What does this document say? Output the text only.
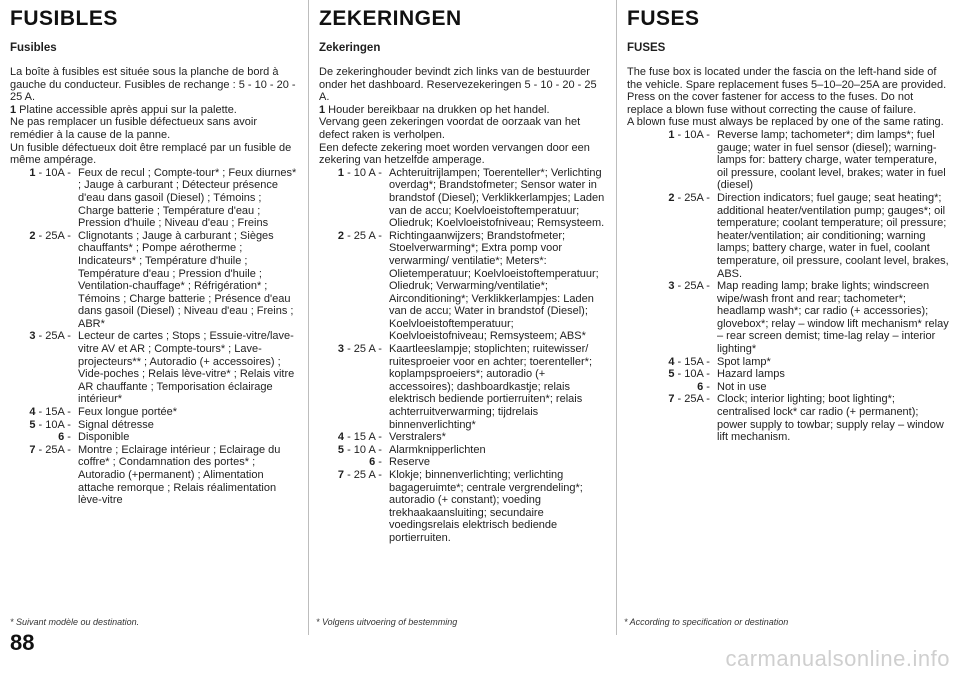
FUSIBLES
Fusibles

La boîte à fusibles est située sous la planche de bord à gauche du conducteur. Fusibles de rechange : 5 - 10 - 20 - 25 A.

1 Platine accessible après appui sur la palette.

Ne pas remplacer un fusible défectueux sans avoir remédier à la cause de la panne.

Un fusible défectueux doit être remplacé par un fusible de même ampérage.

1 - 10A - Feux de recul ; Compte-tour* ; Feux diurnes* ; Jauge à carburant ; Détecteur présence d'eau dans gasoil (Diesel) ; Témoins ; Charge batterie ; Température d'eau ; Pression d'huile ; Niveau d'eau ; Freins
2 - 25A - Clignotants ; Jauge à carburant ; Sièges chauffants* ; Pompe aérotherme ; Indicateurs* ; Température d'huile ; Température d'eau ; Pression d'huile ; Ventilation-chauffage* ; Réfrigération* ; Témoins ; Charge batterie ; Présence d'eau dans gasoil (Diesel) ; Niveau d'eau ; Freins ; ABR*
3 - 25A - Lecteur de cartes ; Stops ; Essuie-vitre/lave-vitre AV et AR ; Compte-tours* ; Lave-projecteurs** ; Autoradio (+ accessoires) ; Vide-poches ; Relais lève-vitre* ; Relais vitre AR chauffante ; Temporisation éclairage intérieur*
4 - 15A - Feux longue portée*
5 - 10A - Signal détresse
6 - Disponible
7 - 25A - Montre ; Eclairage intérieur ; Eclairage du coffre* ; Condamnation des portes* ; Autoradio (+permanent) ; Alimentation attache remorque ; Relais réalimentation lève-vitre
ZEKERINGEN
Zekeringen

De zekeringhouder bevindt zich links van de bestuurder onder het dashboard. Reservezekeringen 5 - 10 - 20 - 25 A.

1 Houder bereikbaar na drukken op het handel.

Vervang geen zekeringen voordat de oorzaak van het defect raken is verholpen.

Een defecte zekering moet worden vervangen door een zekering van hetzelfde amperage.

1 - 10 A - Achteruitrijlampen; Toerenteller*; Verlichting overdag*; Brandstofmeter; Sensor water in brandstof (Diesel); Verklikkerlampjes; Laden van de accu; Koelvloeistoftemperatuur; Oliedruk; Koelvloeistofniveau; Remsysteem.
2 - 25 A - Richtingaanwijzers; Brandstofmeter; Stoelverwarming*; Extra pomp voor verwarming/ ventilatie*; Meters*: Olietemperatuur; Koelvloeistoftemperatuur; Oliedruk; Verwarming/ventilatie*; Airconditioning*; Verklikkerlampjes: Laden van de accu; Water in brandstof (Diesel); Koelvloeistoftemperatuur; Koelvloeistofniveau; Remsysteem; ABS*
3 - 25 A - Kaartleeslampje; stoplichten; ruitewisser/ ruitesproeier voor en achter; toerenteller*; koplampsproeiers*; autoradio (+ accessoires); dashboardkastje; relais elektrisch bediende portierruiten*; relais achterruitverwarming; tijdrelais binnenverlichting*
4 - 15 A - Verstralers*
5 - 10 A - Alarmknipperlichten
6 - Reserve
7 - 25 A - Klokje; binnenverlichting; verlichting bagageruimte*; centrale vergrendeling*; autoradio (+ constant); voeding trekhaakaansluiting; secundaire voedingsrelais elektrisch bediende portierruiten.
FUSES
FUSES

The fuse box is located under the fascia on the left-hand side of the vehicle. Spare replacement fuses 5–10–20–25A are provided.

Press on the cover fastener for access to the fuses. Do not replace a blown fuse without correcting the cause of failure.

A blown fuse must always be replaced by one of the same rating.

1 - 10A - Reverse lamp; tachometer*; dim lamps*; fuel gauge; water in fuel sensor (diesel); warning-lamps for: battery charge, water temperature, oil pressure, coolant level, brakes; water in fuel (diesel)
2 - 25A - Direction indicators; fuel gauge; seat heating*; additional heater/ventilation pump; gauges*; oil temperature; coolant temperature; oil pressure; heater/ventilation; air conditioning; warning lamps; battery charge, water in fuel, coolant temperature, oil pressure, coolant level, brakes, ABS.
3 - 25A - Map reading lamp; brake lights; windscreen wipe/wash front and rear; tachometer*; headlamp wash*; car radio (+ accessories); glovebox*; relay – window lift mechanism* relay – rear screen demist; time-lag relay – interior lighting*
4 - 15A - Spot lamp*
5 - 10A - Hazard lamps
6 - Not in use
7 - 25A - Clock; interior lighting; boot lighting*; centralised lock* car radio (+ permanent); power supply to towbar; supply relay – window lift mechanism.
* Suivant modèle ou destination.	* Volgens uitvoering of bestemming	* According to specification or destination
88
carmanualsonline.info
